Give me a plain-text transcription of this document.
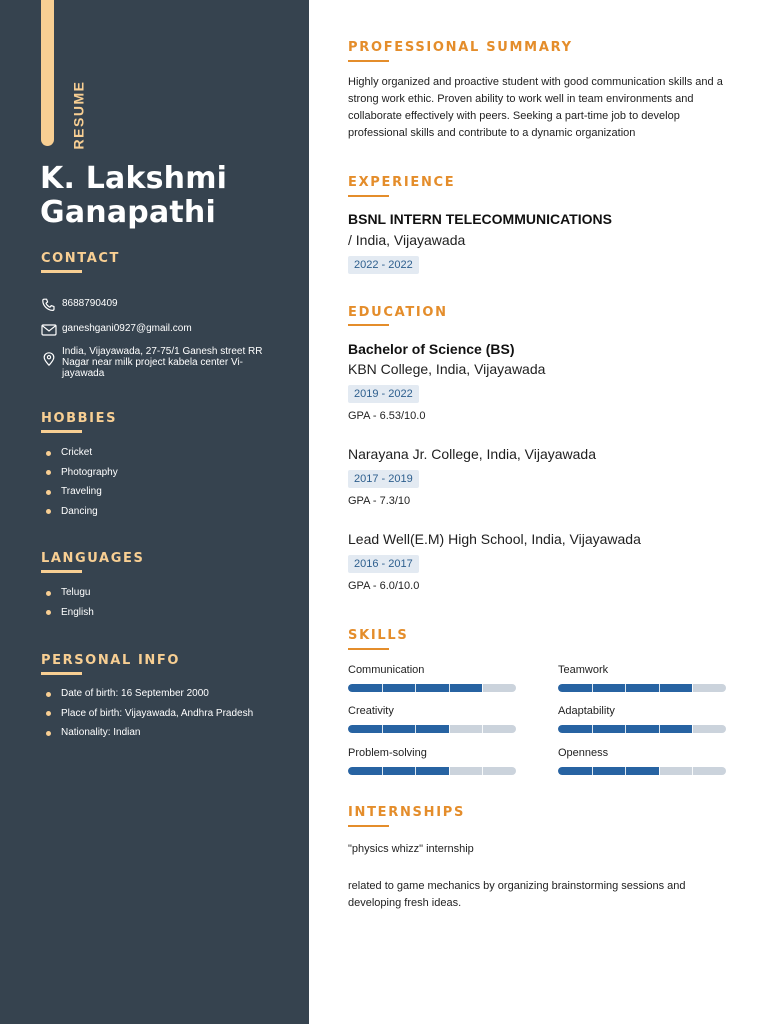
RESUME
K. Lakshmi
Ganapathi
CONTACT
8688790409
ganeshgani0927@gmail.com
India, Vijayawada, 27-75/1 Ganesh street RR Nagar near milk project kabela center Vi-jayawada
HOBBIES
Cricket
Photography
Traveling
Dancing
LANGUAGES
Telugu
English
PERSONAL INFO
Date of birth: 16 September 2000
Place of birth: Vijayawada, Andhra Pradesh
Nationality: Indian
PROFESSIONAL SUMMARY

Highly organized and proactive student with good communication skills and a strong work ethic. Proven ability to work well in team environments and collaborate effectively with peers. Seeking a part-time job to develop professional skills and contribute to a dynamic organization

EXPERIENCE
BSNL INTERN TELECOMMUNICATIONS
/ India, Vijayawada
2022 - 2022
EDUCATION
Bachelor of Science (BS)
KBN College, India, Vijayawada
2019 - 2022
GPA - 6.53/10.0
Narayana Jr. College, India, Vijayawada
2017 - 2019
GPA - 7.3/10
Lead Well(E.M) High School, India, Vijayawada
2016 - 2017
GPA - 6.0/10.0
SKILLS
Communication	Teamwork
Creativity	Adaptability
Problem-solving	Openness
INTERNSHIPS

"physics whizz" internship

related to game mechanics by organizing brainstorming sessions and developing fresh ideas.
